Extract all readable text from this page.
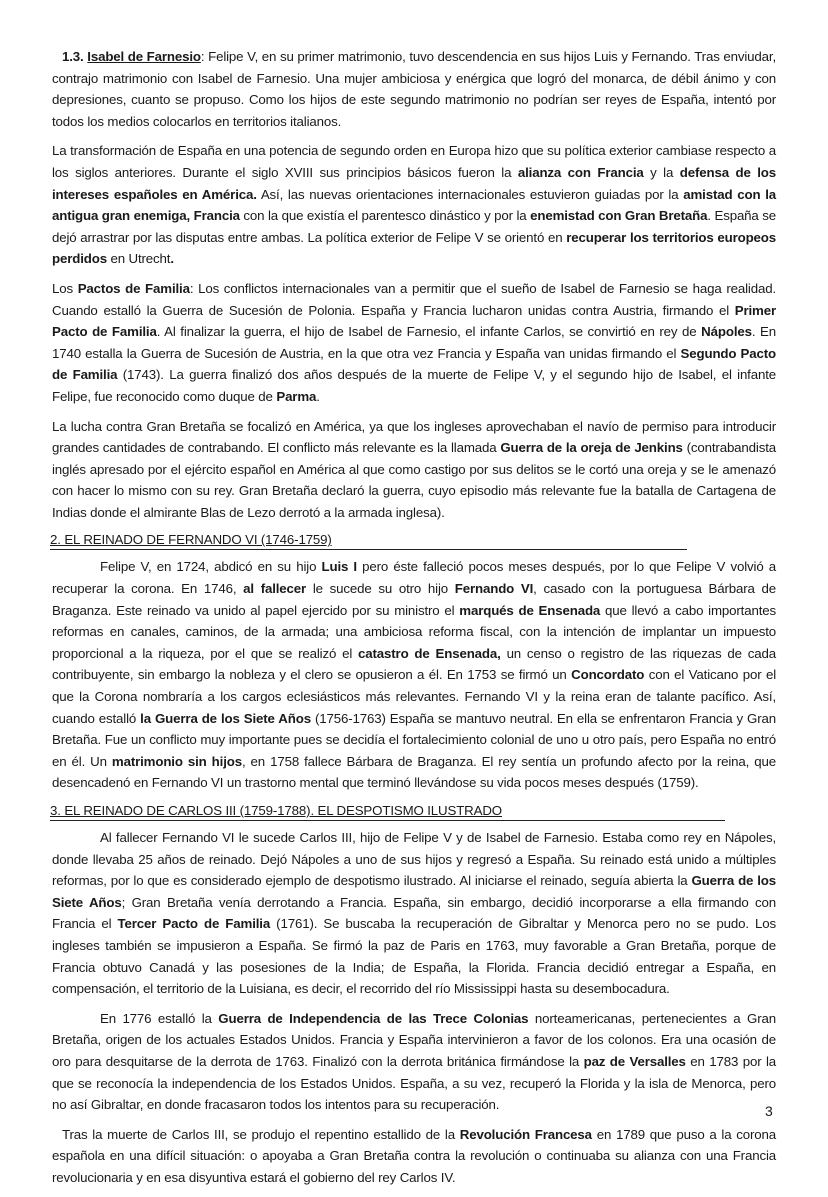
1.3. Isabel de Farnesio: Felipe V, en su primer matrimonio, tuvo descendencia en sus hijos Luis y Fernando. Tras enviudar, contrajo matrimonio con Isabel de Farnesio. Una mujer ambiciosa y enérgica que logró del monarca, de débil ánimo y con depresiones, cuanto se propuso. Como los hijos de este segundo matrimonio no podrían ser reyes de España, intentó por todos los medios colocarlos en territorios italianos.

La transformación de España en una potencia de segundo orden en Europa hizo que su política exterior cambiase respecto a los siglos anteriores. Durante el siglo XVIII sus principios básicos fueron la alianza con Francia y la defensa de los intereses españoles en América. Así, las nuevas orientaciones internacionales estuvieron guiadas por la amistad con la antigua gran enemiga, Francia con la que existía el parentesco dinástico y por la enemistad con Gran Bretaña. España se dejó arrastrar por las disputas entre ambas. La política exterior de Felipe V se orientó en recuperar los territorios europeos perdidos en Utrecht.

Los Pactos de Familia: Los conflictos internacionales van a permitir que el sueño de Isabel de Farnesio se haga realidad. Cuando estalló la Guerra de Sucesión de Polonia. España y Francia lucharon unidas contra Austria, firmando el Primer Pacto de Familia. Al finalizar la guerra, el hijo de Isabel de Farnesio, el infante Carlos, se convirtió en rey de Nápoles. En 1740 estalla la Guerra de Sucesión de Austria, en la que otra vez Francia y España van unidas firmando el Segundo Pacto de Familia (1743). La guerra finalizó dos años después de la muerte de Felipe V, y el segundo hijo de Isabel, el infante Felipe, fue reconocido como duque de Parma.

La lucha contra Gran Bretaña se focalizó en América, ya que los ingleses aprovechaban el navío de permiso para introducir grandes cantidades de contrabando. El conflicto más relevante es la llamada Guerra de la oreja de Jenkins (contrabandista inglés apresado por el ejército español en América al que como castigo por sus delitos se le cortó una oreja y se le amenazó con hacer lo mismo con su rey. Gran Bretaña declaró la guerra, cuyo episodio más relevante fue la batalla de Cartagena de Indias donde el almirante Blas de Lezo derrotó a la armada inglesa).

2. EL REINADO DE FERNANDO VI (1746-1759)

Felipe V, en 1724, abdicó en su hijo Luis I pero éste falleció pocos meses después, por lo que Felipe V volvió a recuperar la corona. En 1746, al fallecer le sucede su otro hijo Fernando VI, casado con la portuguesa Bárbara de Braganza. Este reinado va unido al papel ejercido por su ministro el marqués de Ensenada que llevó a cabo importantes reformas en canales, caminos, de la armada; una ambiciosa reforma fiscal, con la intención de implantar un impuesto proporcional a la riqueza, por el que se realizó el catastro de Ensenada, un censo o registro de las riquezas de cada contribuyente, sin embargo la nobleza y el clero se opusieron a él. En 1753 se firmó un Concordato con el Vaticano por el que la Corona nombraría a los cargos eclesiásticos más relevantes. Fernando VI y la reina eran de talante pacífico. Así, cuando estalló la Guerra de los Siete Años (1756-1763) España se mantuvo neutral. En ella se enfrentaron Francia y Gran Bretaña. Fue un conflicto muy importante pues se decidía el fortalecimiento colonial de uno u otro país, pero España no entró en él. Un matrimonio sin hijos, en 1758 fallece Bárbara de Braganza. El rey sentía un profundo afecto por la reina, que desencadenó en Fernando VI un trastorno mental que terminó llevándose su vida pocos meses después (1759).

3. EL REINADO DE CARLOS III (1759-1788). EL DESPOTISMO ILUSTRADO

Al fallecer Fernando VI le sucede Carlos III, hijo de Felipe V y de Isabel de Farnesio. Estaba como rey en Nápoles, donde llevaba 25 años de reinado. Dejó Nápoles a uno de sus hijos y regresó a España. Su reinado está unido a múltiples reformas, por lo que es considerado ejemplo de despotismo ilustrado. Al iniciarse el reinado, seguía abierta la Guerra de los Siete Años; Gran Bretaña venía derrotando a Francia. España, sin embargo, decidió incorporarse a ella firmando con Francia el Tercer Pacto de Familia (1761). Se buscaba la recuperación de Gibraltar y Menorca pero no se pudo. Los ingleses también se impusieron a España. Se firmó la paz de Paris en 1763, muy favorable a Gran Bretaña, porque de Francia obtuvo Canadá y las posesiones de la India; de España, la Florida. Francia decidió entregar a España, en compensación, el territorio de la Luisiana, es decir, el recorrido del río Mississippi hasta su desembocadura.

En 1776 estalló la Guerra de Independencia de las Trece Colonias norteamericanas, pertenecientes a Gran Bretaña, origen de los actuales Estados Unidos. Francia y España intervinieron a favor de los colonos. Era una ocasión de oro para desquitarse de la derrota de 1763. Finalizó con la derrota británica firmándose la paz de Versalles en 1783 por la que se reconocía la independencia de los Estados Unidos. España, a su vez, recuperó la Florida y la isla de Menorca, pero no así Gibraltar, en donde fracasaron todos los intentos para su recuperación.

Tras la muerte de Carlos III, se produjo el repentino estallido de la Revolución Francesa en 1789 que puso a la corona española en una difícil situación: o apoyaba a Gran Bretaña contra la revolución o continuaba su alianza con una Francia revolucionaria y en esa disyuntiva estará el gobierno del rey Carlos IV.

3
